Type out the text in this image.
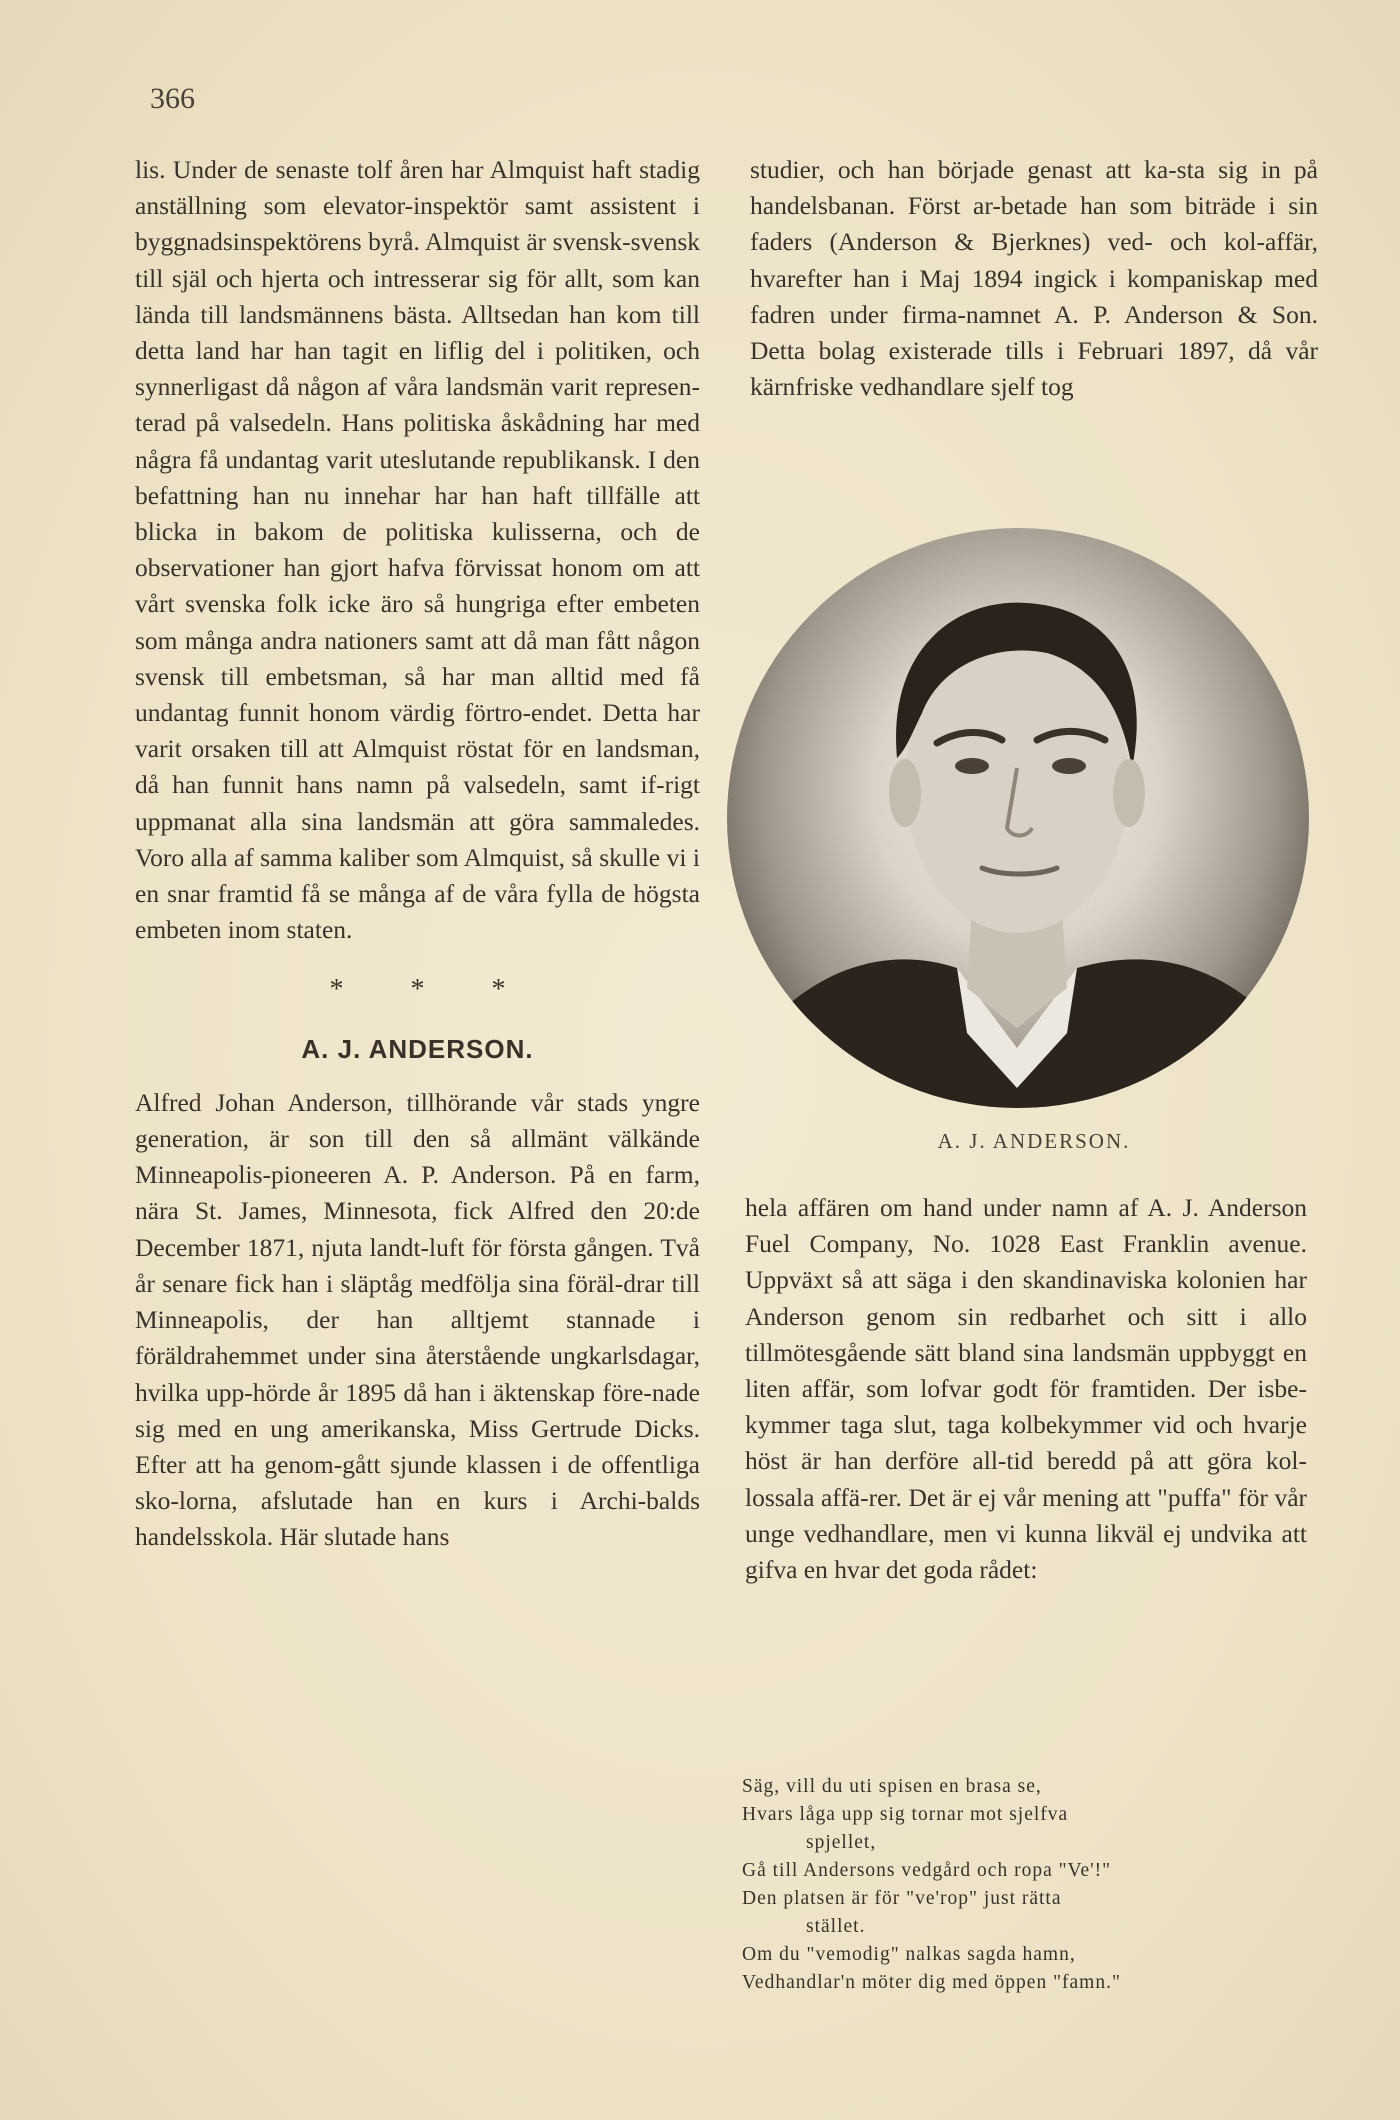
366

lis. Under de senaste tolf åren har Almquist haft stadig anställning som elevator-inspektör samt assistent i byggnadsinspektörens byrå. Almquist är svensk-svensk till själ och hjerta och intresserar sig för allt, som kan lända till landsmännens bästa. Alltsedan han kom till detta land har han tagit en liflig del i politiken, och synnerligast då någon af våra landsmän varit represen-terad på valsedeln. Hans politiska åskådning har med några få undantag varit uteslutande republikansk. I den befattning han nu innehar har han haft tillfälle att blicka in bakom de politiska kulisserna, och de observationer han gjort hafva förvissat honom om att vårt svenska folk icke äro så hungriga efter embeten som många andra nationers samt att då man fått någon svensk till embetsman, så har man alltid med få undantag funnit honom värdig förtro-endet. Detta har varit orsaken till att Almquist röstat för en landsman, då han funnit hans namn på valsedeln, samt if-rigt uppmanat alla sina landsmän att göra sammaledes. Voro alla af samma kaliber som Almquist, så skulle vi i en snar framtid få se många af de våra fylla de högsta embeten inom staten.

* * *
A. J. ANDERSON.

Alfred Johan Anderson, tillhörande vår stads yngre generation, är son till den så allmänt välkände Minneapolis-pioneeren A. P. Anderson. På en farm, nära St. James, Minnesota, fick Alfred den 20:de December 1871, njuta landt-luft för första gången. Två år senare fick han i släptåg medfölja sina föräl-drar till Minneapolis, der han alltjemt stannade i föräldrahemmet under sina återstående ungkarlsdagar, hvilka upp-hörde år 1895 då han i äktenskap före-nade sig med en ung amerikanska, Miss Gertrude Dicks. Efter att ha genom-gått sjunde klassen i de offentliga sko-lorna, afslutade han en kurs i Archi-balds handelsskola. Här slutade hans

studier, och han började genast att ka-sta sig in på handelsbanan. Först ar-betade han som biträde i sin faders (Anderson & Bjerknes) ved- och kol-affär, hvarefter han i Maj 1894 ingick i kompaniskap med fadren under firma-namnet A. P. Anderson & Son. Detta bolag existerade tills i Februari 1897, då vår kärnfriske vedhandlare sjelf tog

A. J. ANDERSON.

hela affären om hand under namn af A. J. Anderson Fuel Company, No. 1028 East Franklin avenue. Uppväxt så att säga i den skandinaviska kolonien har Anderson genom sin redbarhet och sitt i allo tillmötesgående sätt bland sina landsmän uppbyggt en liten affär, som lofvar godt för framtiden. Der isbe-kymmer taga slut, taga kolbekymmer vid och hvarje höst är han derföre all-tid beredd på att göra kol-lossala affä-rer. Det är ej vår mening att "puffa" för vår unge vedhandlare, men vi kunna likväl ej undvika att gifva en hvar det goda rådet:

Säg, vill du uti spisen en brasa se,
Hvars låga upp sig tornar mot sjelfva
spjellet,
Gå till Andersons vedgård och ropa "Ve'!"
Den platsen är för "ve'rop" just rätta
stället.
Om du "vemodig" nalkas sagda hamn,
Vedhandlar'n möter dig med öppen "famn."
